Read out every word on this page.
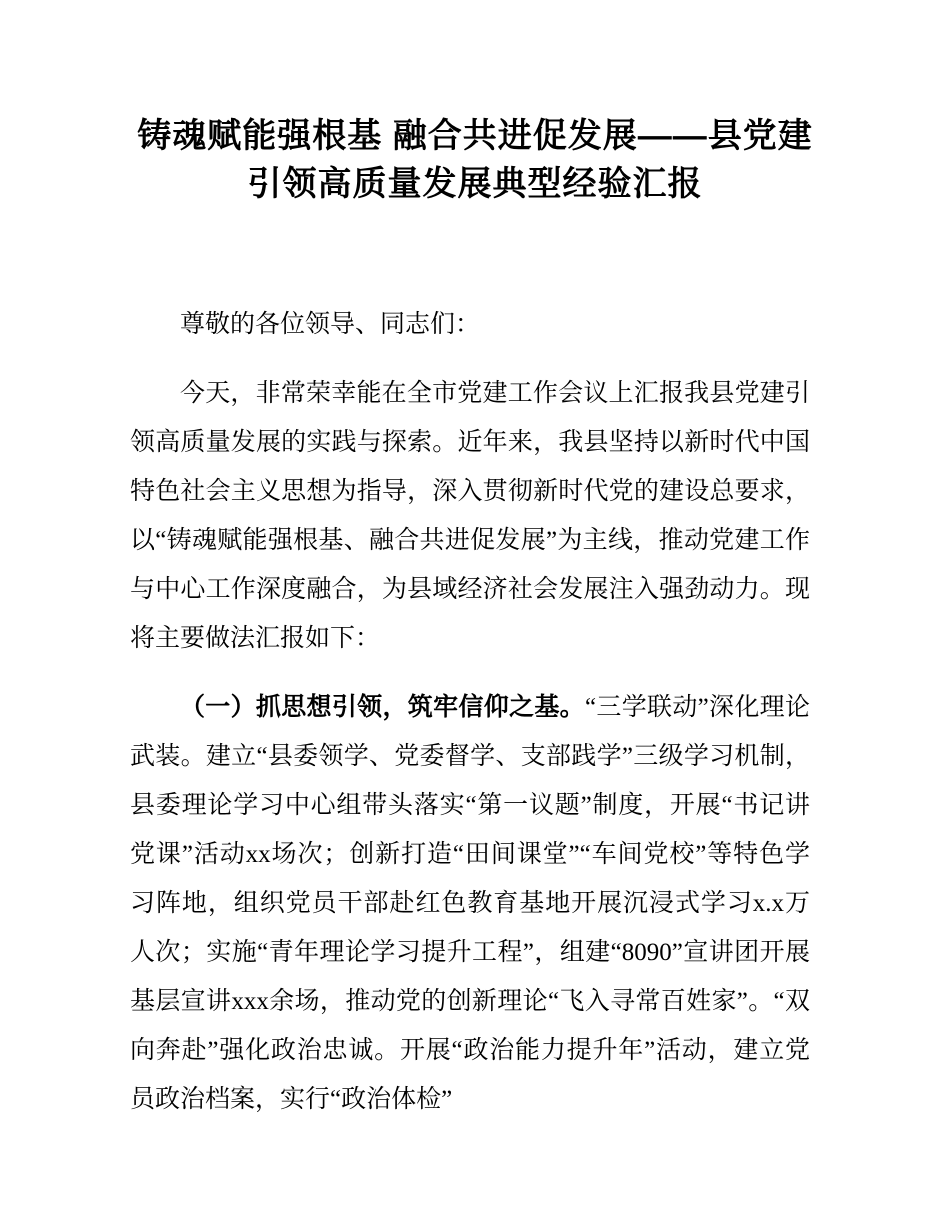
铸魂赋能强根基 融合共进促发展——县党建
引领高质量发展典型经验汇报

尊敬的各位领导、同志们：

今天，非常荣幸能在全市党建工作会议上汇报我县党建引领高质量发展的实践与探索。近年来，我县坚持以新时代中国特色社会主义思想为指导，深入贯彻新时代党的建设总要求，以“铸魂赋能强根基、融合共进促发展”为主线，推动党建工作与中心工作深度融合，为县域经济社会发展注入强劲动力。现将主要做法汇报如下：

（一）抓思想引领，筑牢信仰之基。“三学联动”深化理论武装。建立“县委领学、党委督学、支部践学”三级学习机制，县委理论学习中心组带头落实“第一议题”制度，开展“书记讲党课”活动xx场次；创新打造“田间课堂”“车间党校”等特色学习阵地，组织党员干部赴红色教育基地开展沉浸式学习x.x万人次；实施“青年理论学习提升工程”，组建“8090”宣讲团开展基层宣讲xxx余场，推动党的创新理论“飞入寻常百姓家”。“双向奔赴”强化政治忠诚。开展“政治能力提升年”活动，建立党员政治档案，实行“政治体检”
